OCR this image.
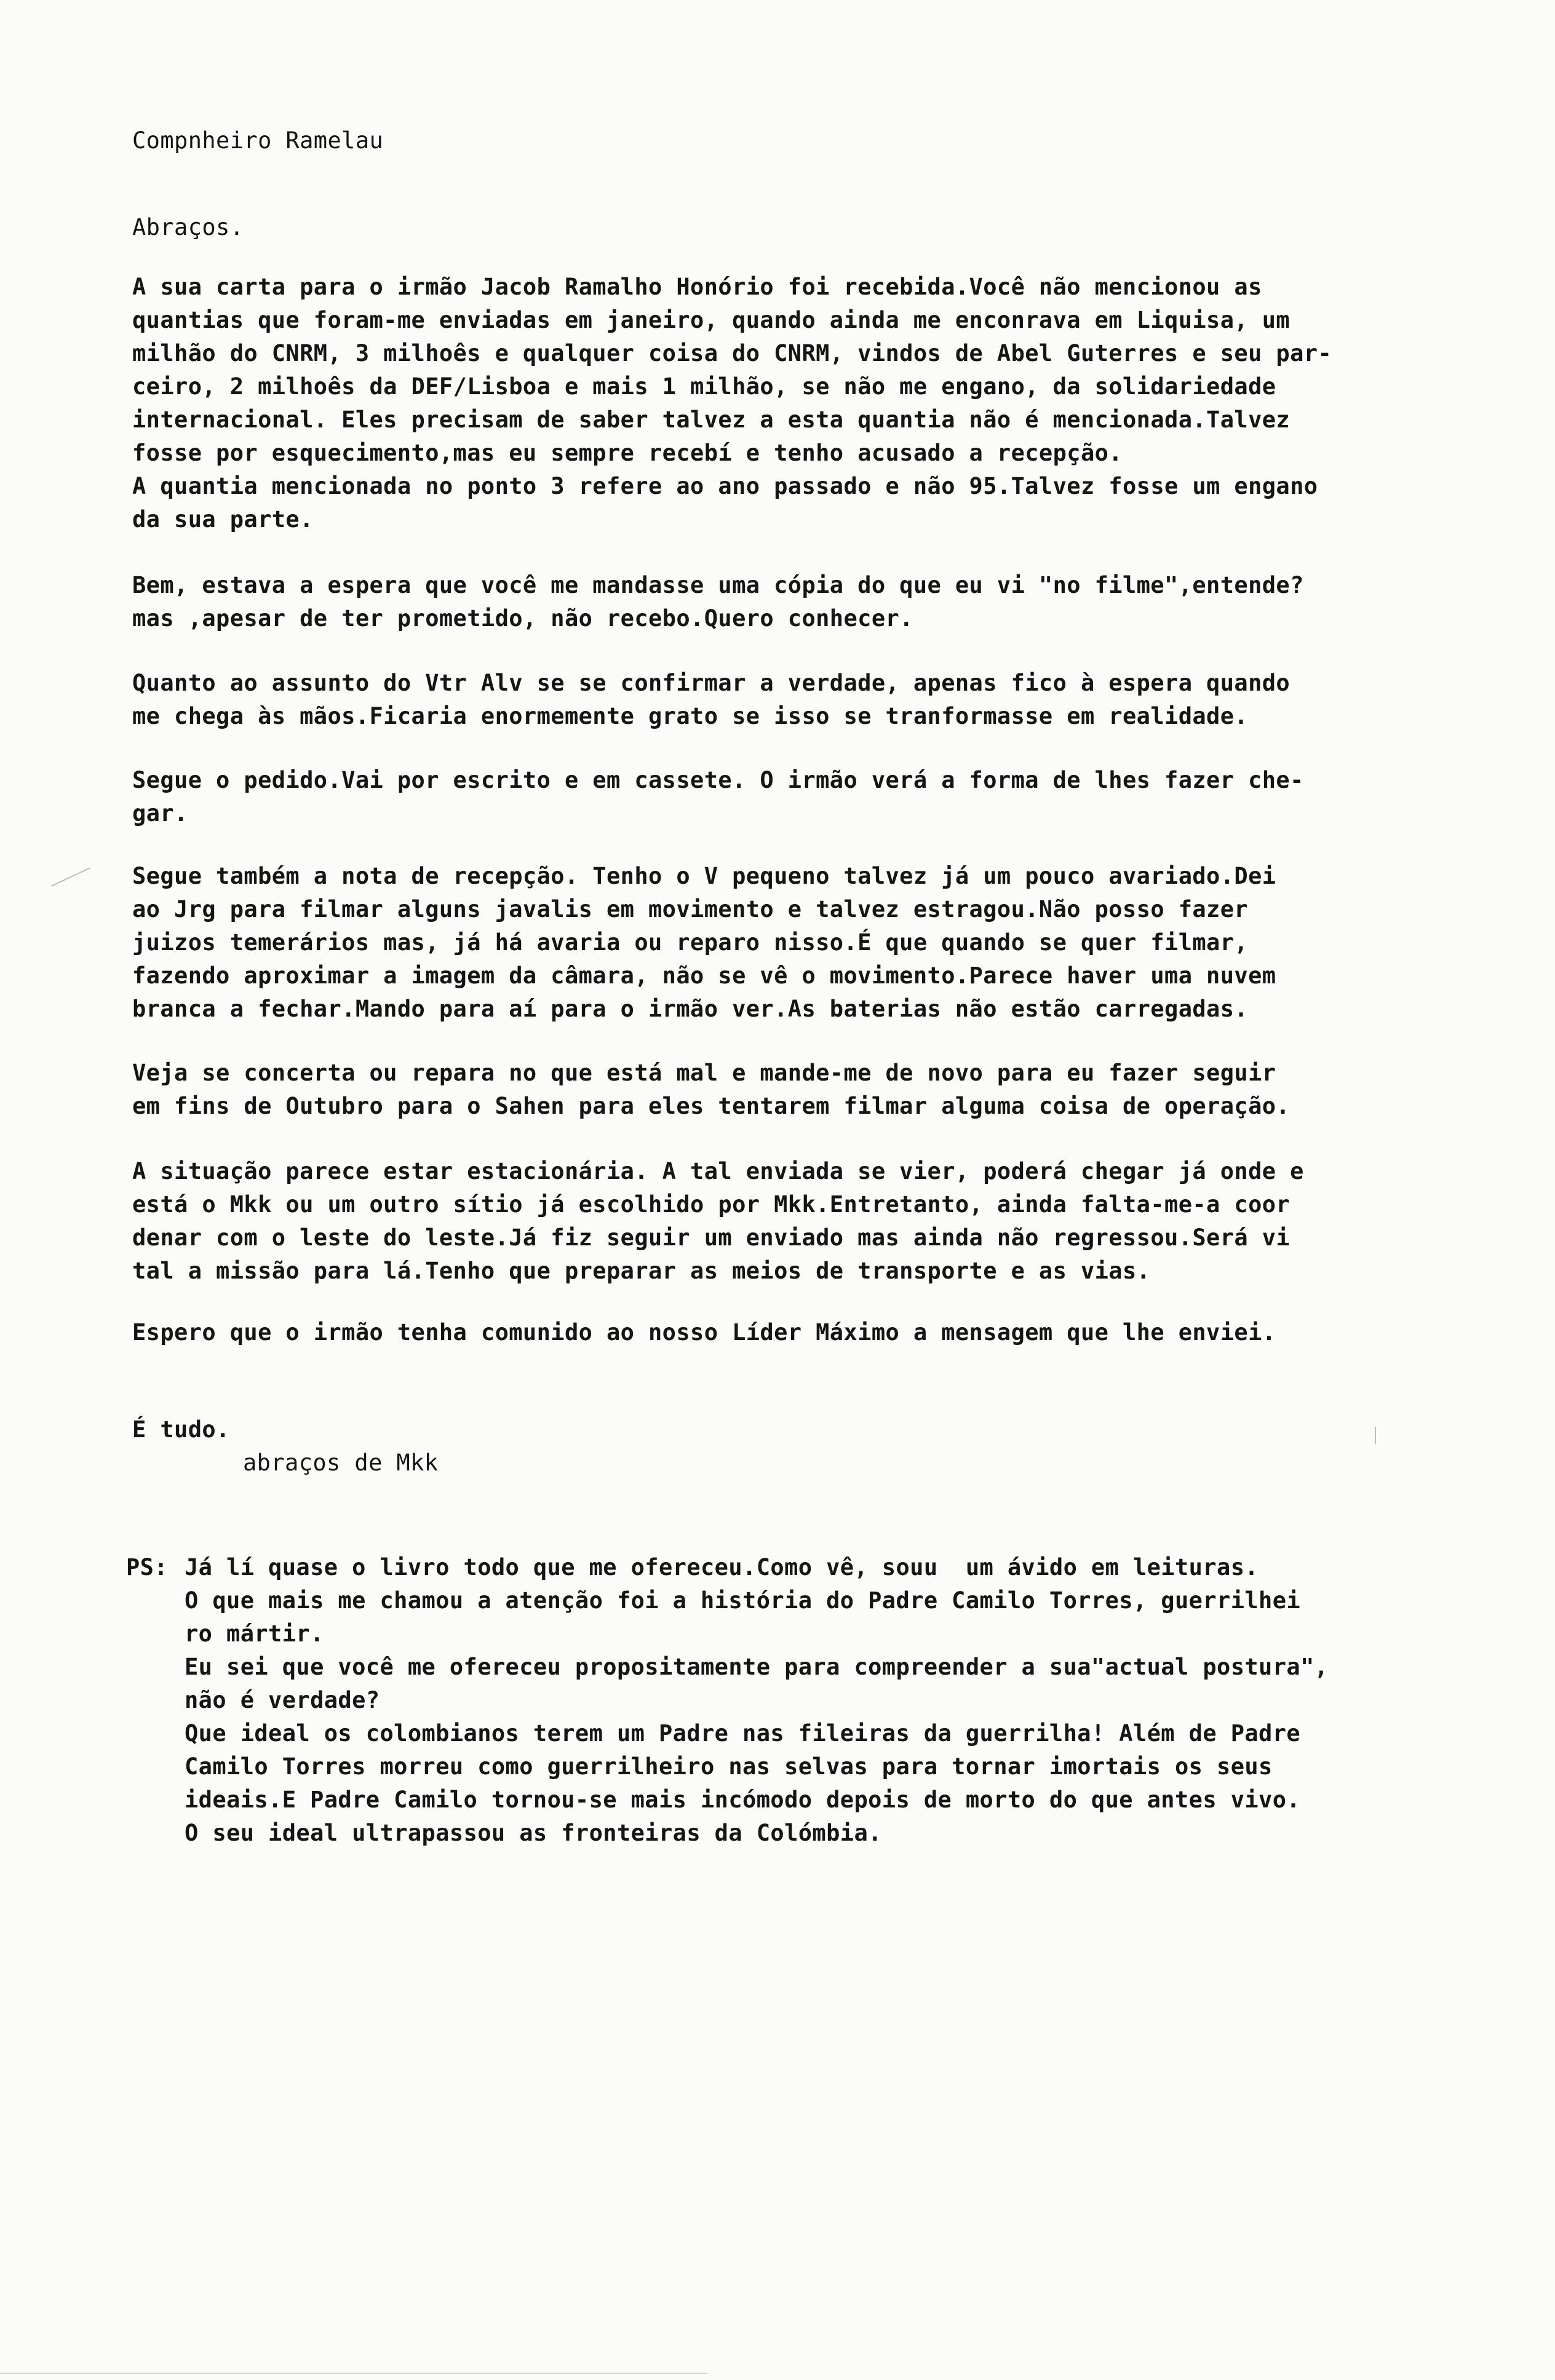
Compnheiro Ramelau

Abraços.

A sua carta para o irmão Jacob Ramalho Honório foi recebida.Você não mencionou as
quantias que foram-me enviadas em janeiro, quando ainda me enconrava em Liquisa, um
milhão do CNRM, 3 milhoês e qualquer coisa do CNRM, vindos de Abel Guterres e seu par-
ceiro, 2 milhoês da DEF/Lisboa e mais 1 milhão, se não me engano, da solidariedade
internacional. Eles precisam de saber talvez a esta quantia não é mencionada.Talvez
fosse por esquecimento,mas eu sempre recebí e tenho acusado a recepção.
A quantia mencionada no ponto 3 refere ao ano passado e não 95.Talvez fosse um engano
da sua parte.

Bem, estava a espera que você me mandasse uma cópia do que eu vi "no filme",entende?
mas ,apesar de ter prometido, não recebo.Quero conhecer.

Quanto ao assunto do Vtr Alv se se confirmar a verdade, apenas fico à espera quando
me chega às mãos.Ficaria enormemente grato se isso se tranformasse em realidade.

Segue o pedido.Vai por escrito e em cassete. O irmão verá a forma de lhes fazer che-
gar.

Segue também a nota de recepção. Tenho o V pequeno talvez já um pouco avariado.Dei
ao Jrg para filmar alguns javalis em movimento e talvez estragou.Não posso fazer
juizos temerários mas, já há avaria ou reparo nisso.É que quando se quer filmar,
fazendo aproximar a imagem da câmara, não se vê o movimento.Parece haver uma nuvem
branca a fechar.Mando para aí para o irmão ver.As baterias não estão carregadas.

Veja se concerta ou repara no que está mal e mande-me de novo para eu fazer seguir
em fins de Outubro para o Sahen para eles tentarem filmar alguma coisa de operação.

A situação parece estar estacionária. A tal enviada se vier, poderá chegar já onde e
está o Mkk ou um outro sítio já escolhido por Mkk.Entretanto, ainda falta-me-a coor
denar com o leste do leste.Já fiz seguir um enviado mas ainda não regressou.Será vi
tal a missão para lá.Tenho que preparar as meios de transporte e as vias.

Espero que o irmão tenha comunido ao nosso Líder Máximo a mensagem que lhe enviei.

É tudo.

abraços de Mkk

PS: Já lí quase o livro todo que me ofereceu.Como vê, souu  um ávido em leituras.
O que mais me chamou a atenção foi a história do Padre Camilo Torres, guerrilhei
ro mártir.
Eu sei que você me ofereceu propositamente para compreender a sua"actual postura",
não é verdade?
Que ideal os colombianos terem um Padre nas fileiras da guerrilha! Além de Padre
Camilo Torres morreu como guerrilheiro nas selvas para tornar imortais os seus
ideais.E Padre Camilo tornou-se mais incómodo depois de morto do que antes vivo.
O seu ideal ultrapassou as fronteiras da Colómbia.
